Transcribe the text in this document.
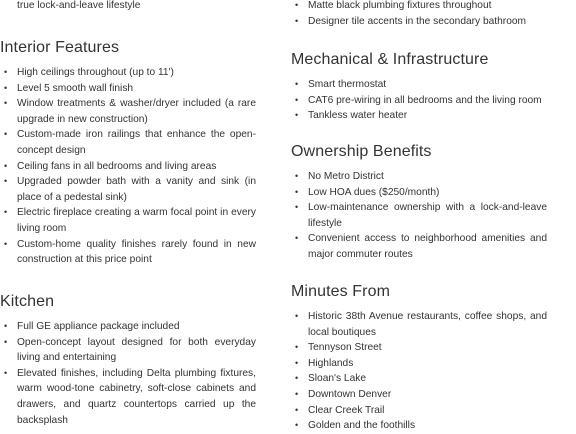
true lock-and-leave lifestyle
Interior Features
• High ceilings throughout (up to 11')
• Level 5 smooth wall finish
• Window treatments & washer/dryer included (a rare upgrade in new construction)
• Custom-made iron railings that enhance the open-concept design
• Ceiling fans in all bedrooms and living areas
• Upgraded powder bath with a vanity and sink (in place of a pedestal sink)
• Electric fireplace creating a warm focal point in every living room
• Custom-home quality finishes rarely found in new construction at this price point
Kitchen
• Full GE appliance package included
• Open-concept layout designed for both everyday living and entertaining
• Elevated finishes, including Delta plumbing fixtures, warm wood-tone cabinetry, soft-close cabinets and drawers, and quartz countertops carried up the backsplash
• Matte black plumbing fixtures throughout
• Designer tile accents in the secondary bathroom
Mechanical & Infrastructure
• Smart thermostat
• CAT6 pre-wiring in all bedrooms and the living room
• Tankless water heater
Ownership Benefits
• No Metro District
• Low HOA dues ($250/month)
• Low-maintenance ownership with a lock-and-leave lifestyle
• Convenient access to neighborhood amenities and major commuter routes
Minutes From
• Historic 38th Avenue restaurants, coffee shops, and local boutiques
• Tennyson Street
• Highlands
• Sloan's Lake
• Downtown Denver
• Clear Creek Trail
• Golden and the foothills
